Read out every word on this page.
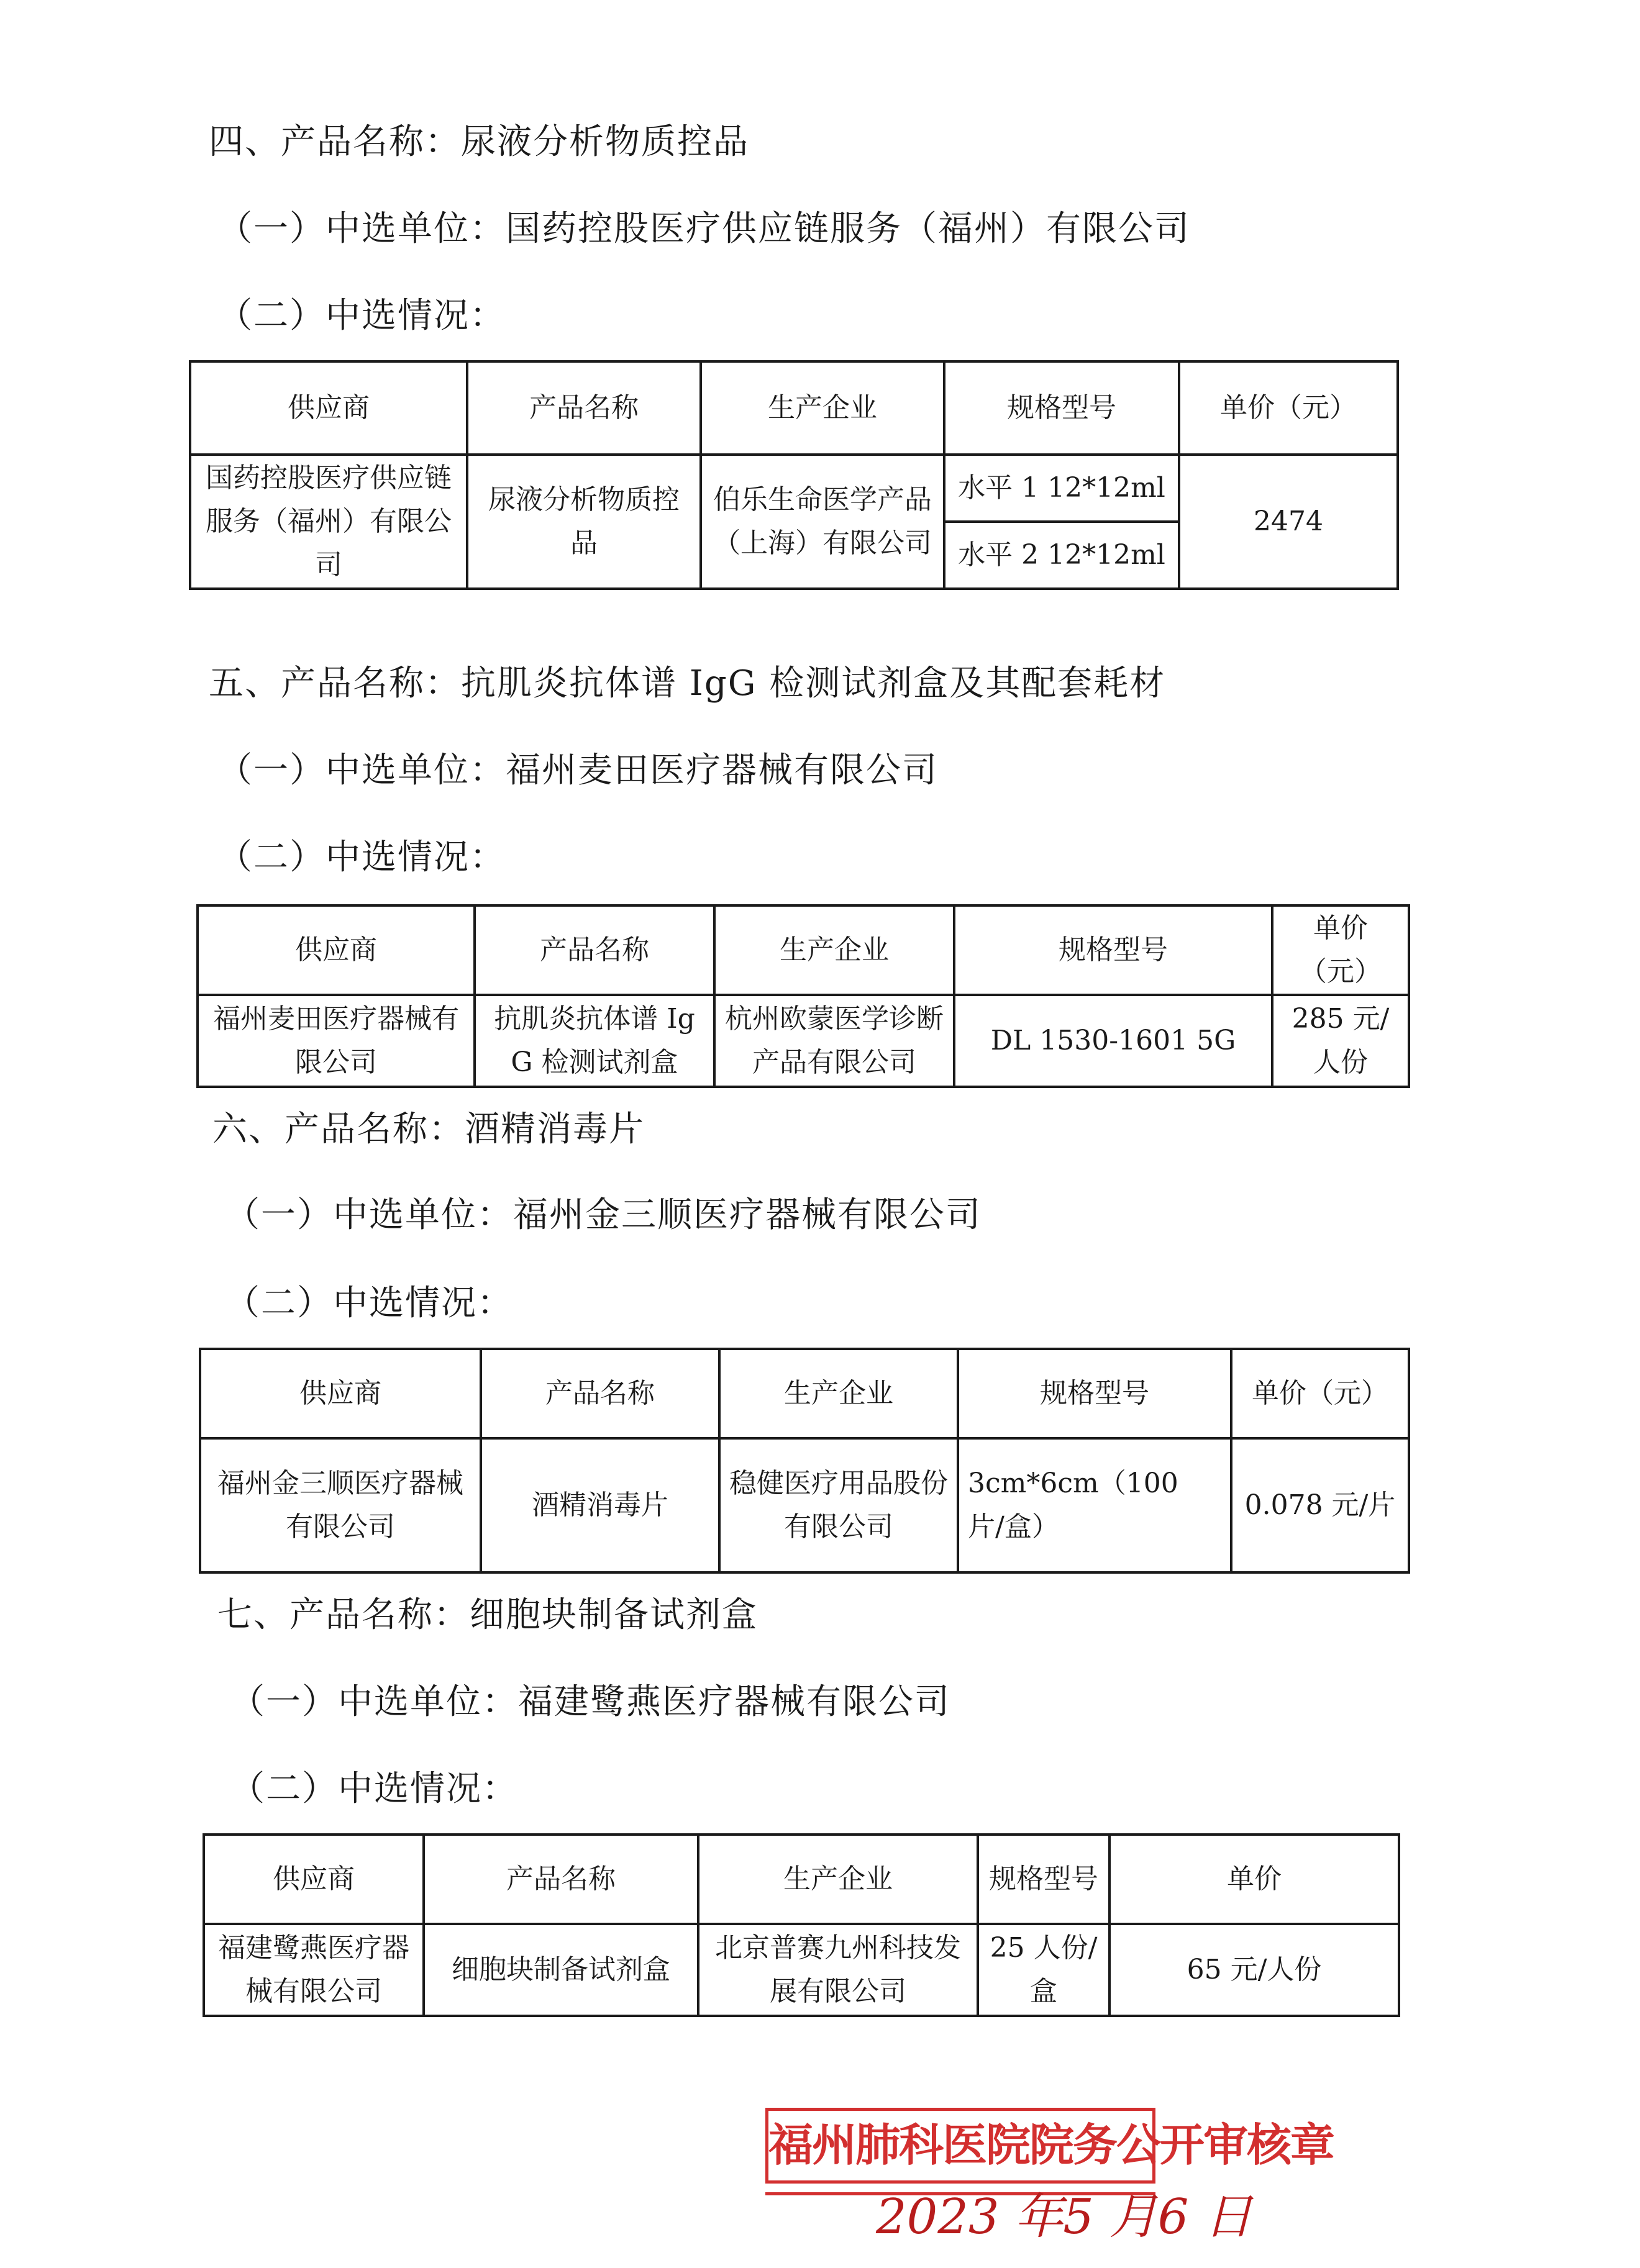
四、产品名称：尿液分析物质控品
（一）中选单位：国药控股医疗供应链服务（福州）有限公司
（二）中选情况：
供应商	产品名称	生产企业	规格型号	单价（元）
国药控股医疗供应链服务（福州）有限公司	尿液分析物质控品	伯乐生命医学产品（上海）有限公司	水平 1 12*12ml	2474
			水平 2 12*12ml	
五、产品名称：抗肌炎抗体谱 IgG 检测试剂盒及其配套耗材
（一）中选单位：福州麦田医疗器械有限公司
（二）中选情况：
供应商	产品名称	生产企业	规格型号	单价（元）
福州麦田医疗器械有限公司	抗肌炎抗体谱 IgG 检测试剂盒	杭州欧蒙医学诊断产品有限公司	DL 1530-1601 5G	285 元/人份
六、产品名称：酒精消毒片
（一）中选单位：福州金三顺医疗器械有限公司
（二）中选情况：
供应商	产品名称	生产企业	规格型号	单价（元）
福州金三顺医疗器械有限公司	酒精消毒片	稳健医疗用品股份有限公司	3cm*6cm（100 片/盒）	0.078 元/片
七、产品名称：细胞块制备试剂盒
（一）中选单位：福建鹭燕医疗器械有限公司
（二）中选情况：
供应商	产品名称	生产企业	规格型号	单价
福建鹭燕医疗器械有限公司	细胞块制备试剂盒	北京普赛九州科技发展有限公司	25 人份/盒	65 元/人份
福州肺科医院院务公开审核章
2023 年5 月6 日
